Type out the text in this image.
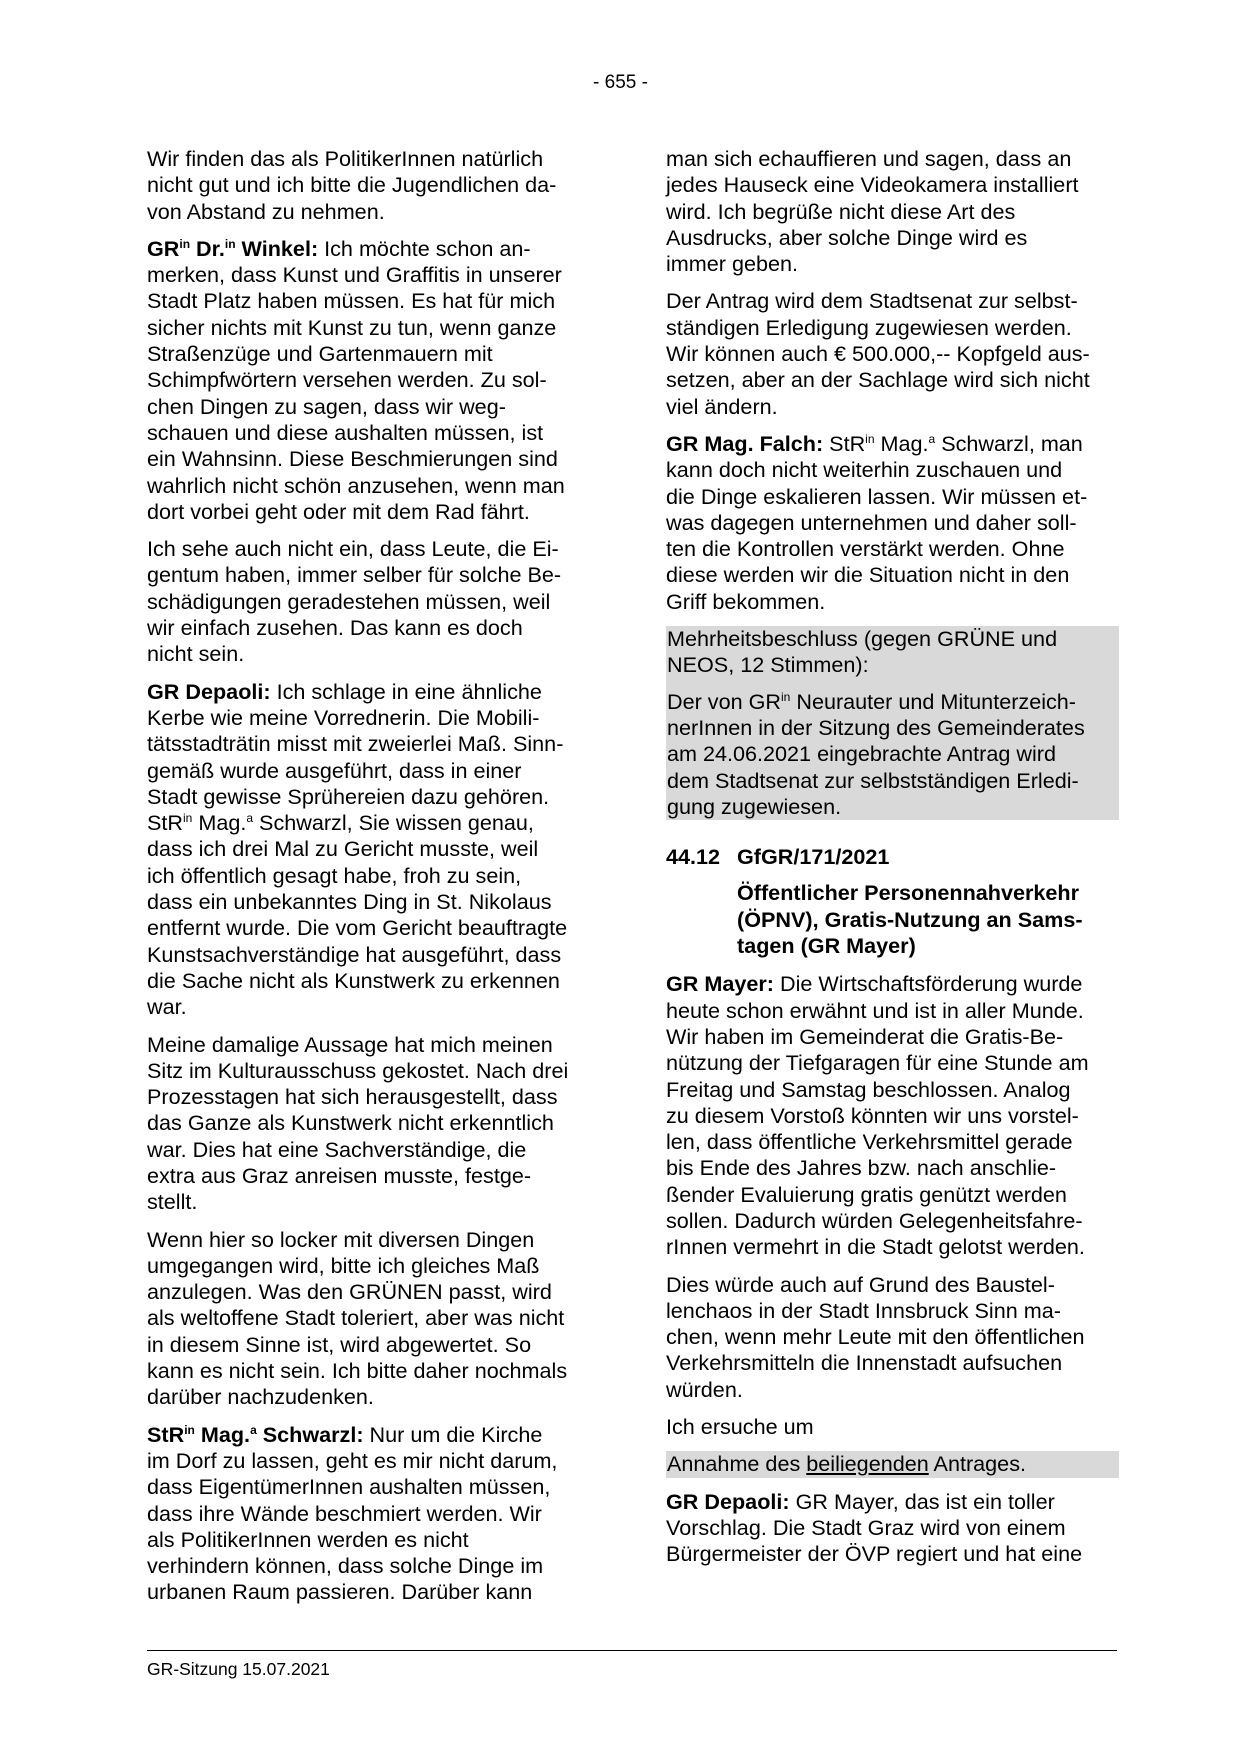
- 655 -

Wir finden das als PolitikerInnen natürlich
nicht gut und ich bitte die Jugendlichen da-
von Abstand zu nehmen.

$GR^{in}$ Dr.$^{in}$ Winkel: Ich möchte schon an-
merken, dass Kunst und Graffitis in unserer
Stadt Platz haben müssen. Es hat für mich
sicher nichts mit Kunst zu tun, wenn ganze
Straßenzüge und Gartenmauern mit
Schimpfwörtern versehen werden. Zu sol-
chen Dingen zu sagen, dass wir weg-
schauen und diese aushalten müssen, ist
ein Wahnsinn. Diese Beschmierungen sind
wahrlich nicht schön anzusehen, wenn man
dort vorbei geht oder mit dem Rad fährt.

Ich sehe auch nicht ein, dass Leute, die Ei-
gentum haben, immer selber für solche Be-
schädigungen geradestehen müssen, weil
wir einfach zusehen. Das kann es doch
nicht sein.

GR Depaoli: Ich schlage in eine ähnliche
Kerbe wie meine Vorrednerin. Die Mobili-
tätsstadträtin misst mit zweierlei Maß. Sinn-
gemäß wurde ausgeführt, dass in einer
Stadt gewisse Sprühereien dazu gehören.
StR$^{in}$ Mag.$^a$ Schwarzl, Sie wissen genau,
dass ich drei Mal zu Gericht musste, weil
ich öffentlich gesagt habe, froh zu sein,
dass ein unbekanntes Ding in St. Nikolaus
entfernt wurde. Die vom Gericht beauftragte
Kunstsachverständige hat ausgeführt, dass
die Sache nicht als Kunstwerk zu erkennen
war.

Meine damalige Aussage hat mich meinen
Sitz im Kulturausschuss gekostet. Nach drei
Prozesstagen hat sich herausgestellt, dass
das Ganze als Kunstwerk nicht erkenntlich
war. Dies hat eine Sachverständige, die
extra aus Graz anreisen musste, festge-
stellt.

Wenn hier so locker mit diversen Dingen
umgegangen wird, bitte ich gleiches Maß
anzulegen. Was den GRÜNEN passt, wird
als weltoffene Stadt toleriert, aber was nicht
in diesem Sinne ist, wird abgewertet. So
kann es nicht sein. Ich bitte daher nochmals
darüber nachzudenken.

StR$^{in}$ Mag.$^a$ Schwarzl: Nur um die Kirche
im Dorf zu lassen, geht es mir nicht darum,
dass EigentümerInnen aushalten müssen,
dass ihre Wände beschmiert werden. Wir
als PolitikerInnen werden es nicht
verhindern können, dass solche Dinge im
urbanen Raum passieren. Darüber kann

man sich echauffieren und sagen, dass an
jedes Hauseck eine Videokamera installiert
wird. Ich begrüße nicht diese Art des
Ausdrucks, aber solche Dinge wird es
immer geben.

Der Antrag wird dem Stadtsenat zur selbst-
ständigen Erledigung zugewiesen werden.
Wir können auch € 500.000,-- Kopfgeld aus-
setzen, aber an der Sachlage wird sich nicht
viel ändern.

GR Mag. Falch: StR$^{in}$ Mag.$^a$ Schwarzl, man
kann doch nicht weiterhin zuschauen und
die Dinge eskalieren lassen. Wir müssen et-
was dagegen unternehmen und daher soll-
ten die Kontrollen verstärkt werden. Ohne
diese werden wir die Situation nicht in den
Griff bekommen.

Mehrheitsbeschluss (gegen GRÜNE und
NEOS, 12 Stimmen):

Der von $GR^{in}$ Neurauter und Mitunterzeich-
nerInnen in der Sitzung des Gemeinderates
am 24.06.2021 eingebrachte Antrag wird
dem Stadtsenat zur selbstständigen Erledi-
gung zugewiesen.

44.12 GfGR/171/2021
Öffentlicher Personennahverkehr
(ÖPNV), Gratis-Nutzung an Sams-
tagen (GR Mayer)

GR Mayer: Die Wirtschaftsförderung wurde
heute schon erwähnt und ist in aller Munde.
Wir haben im Gemeinderat die Gratis-Be-
nützung der Tiefgaragen für eine Stunde am
Freitag und Samstag beschlossen. Analog
zu diesem Vorstoß könnten wir uns vorstel-
len, dass öffentliche Verkehrsmittel gerade
bis Ende des Jahres bzw. nach anschlie-
ßender Evaluierung gratis genützt werden
sollen. Dadurch würden Gelegenheitsfahre-
rInnen vermehrt in die Stadt gelotst werden.

Dies würde auch auf Grund des Baustel-
lenchaos in der Stadt Innsbruck Sinn ma-
chen, wenn mehr Leute mit den öffentlichen
Verkehrsmitteln die Innenstadt aufsuchen
würden.

Ich ersuche um

Annahme des beiliegenden Antrages.

GR Depaoli: GR Mayer, das ist ein toller
Vorschlag. Die Stadt Graz wird von einem
Bürgermeister der ÖVP regiert und hat eine

GR-Sitzung 15.07.2021
